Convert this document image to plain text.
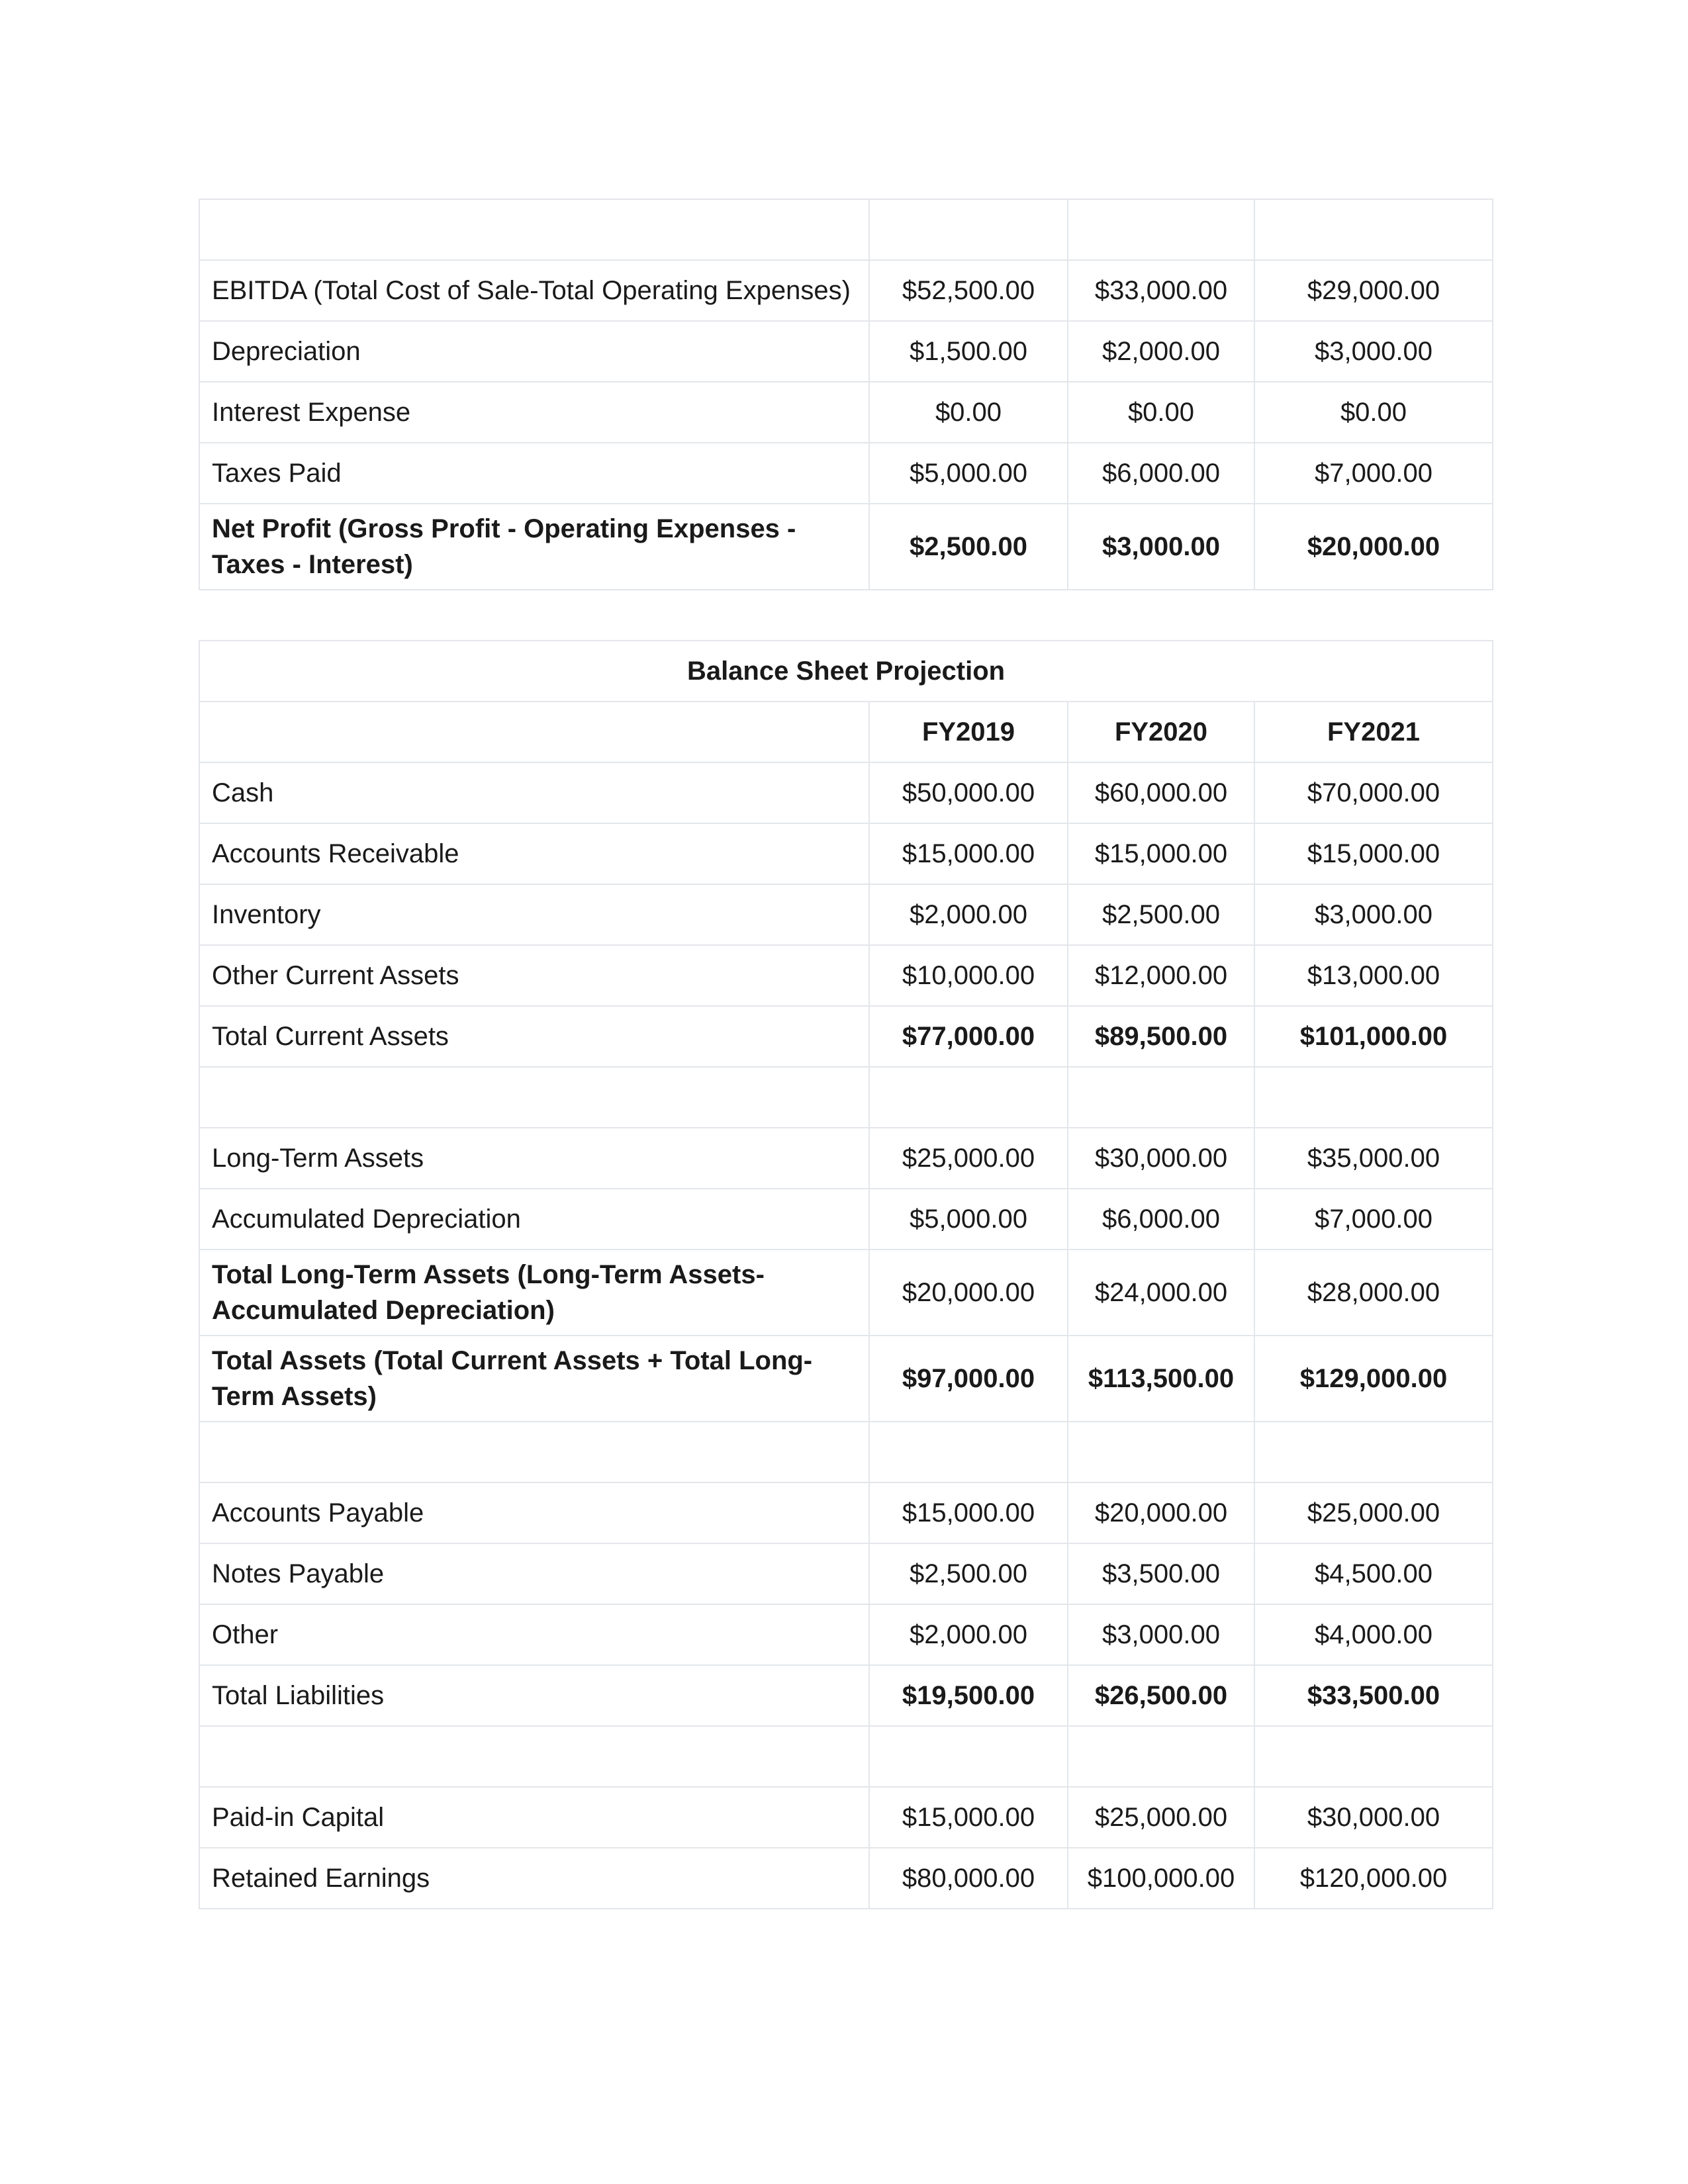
EBITDA (Total Cost of Sale-Total Operating Expenses)	$52,500.00	$33,000.00	$29,000.00
Depreciation	$1,500.00	$2,000.00	$3,000.00
Interest Expense	$0.00	$0.00	$0.00
Taxes Paid	$5,000.00	$6,000.00	$7,000.00
Net Profit (Gross Profit - Operating Expenses - Taxes - Interest)	$2,500.00	$3,000.00	$20,000.00
Balance Sheet Projection			
	FY2019	FY2020	FY2021
Cash	$50,000.00	$60,000.00	$70,000.00
Accounts Receivable	$15,000.00	$15,000.00	$15,000.00
Inventory	$2,000.00	$2,500.00	$3,000.00
Other Current Assets	$10,000.00	$12,000.00	$13,000.00
Total Current Assets	$77,000.00	$89,500.00	$101,000.00

Long-Term Assets	$25,000.00	$30,000.00	$35,000.00
Accumulated Depreciation	$5,000.00	$6,000.00	$7,000.00
Total Long-Term Assets (Long-Term Assets-Accumulated Depreciation)	$20,000.00	$24,000.00	$28,000.00
Total Assets (Total Current Assets + Total Long-Term Assets)	$97,000.00	$113,500.00	$129,000.00

Accounts Payable	$15,000.00	$20,000.00	$25,000.00
Notes Payable	$2,500.00	$3,500.00	$4,500.00
Other	$2,000.00	$3,000.00	$4,000.00
Total Liabilities	$19,500.00	$26,500.00	$33,500.00

Paid-in Capital	$15,000.00	$25,000.00	$30,000.00
Retained Earnings	$80,000.00	$100,000.00	$120,000.00
